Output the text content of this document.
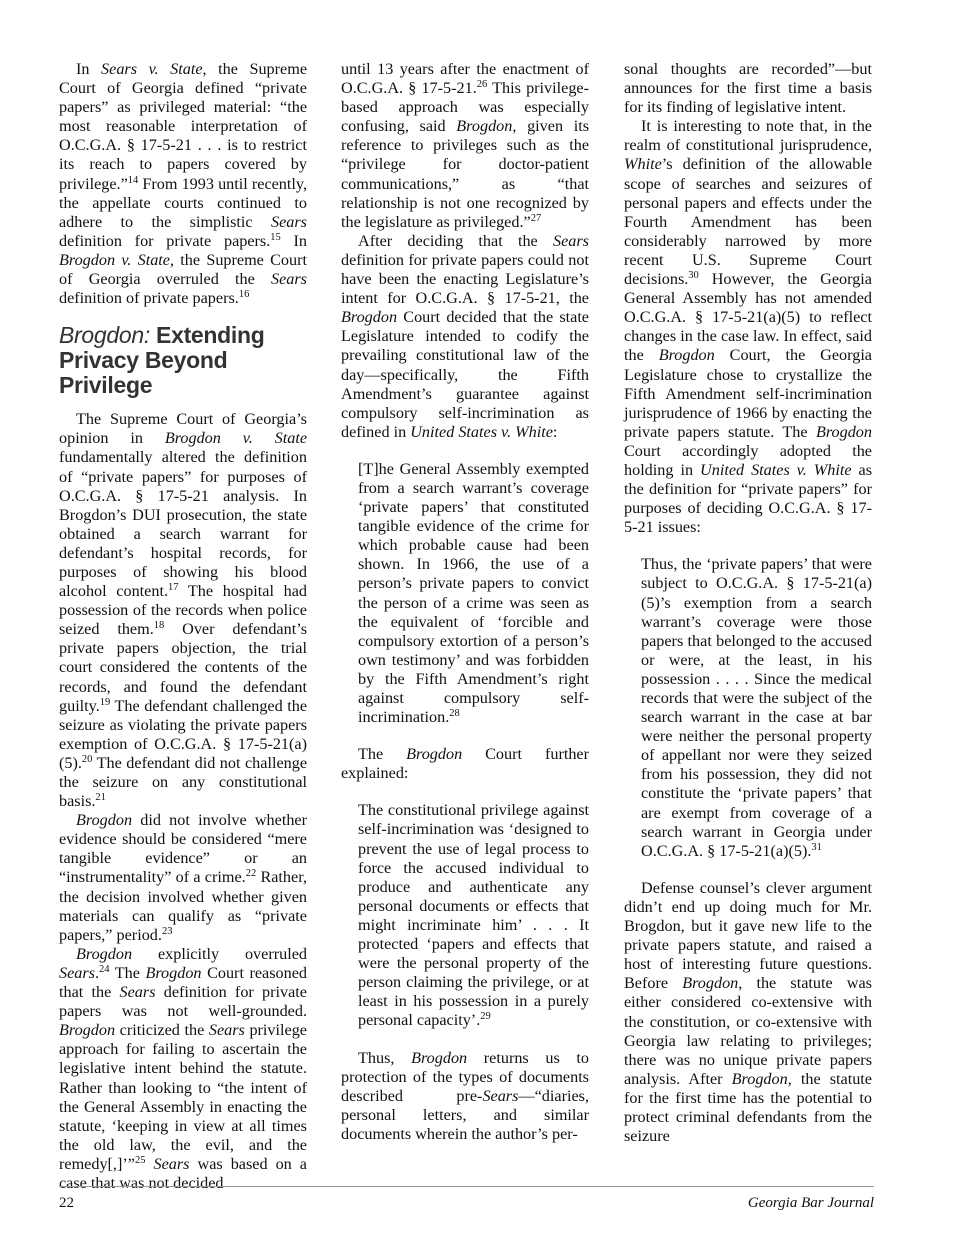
In Sears v. State, the Supreme Court of Georgia defined “private papers” as privileged material: “the most reasonable interpretation of O.C.G.A. § 17-5-21 . . . is to restrict its reach to papers covered by privilege.”$^{14}$ From 1993 until recently, the appellate courts continued to adhere to the simplistic Sears definition for private papers.$^{15}$ In Brogdon v. State, the Supreme Court of Georgia overruled the Sears definition of private papers.$^{16}$

Brogdon: Extending Privacy Beyond Privilege

The Supreme Court of Georgia’s opinion in Brogdon v. State fundamentally altered the definition of “private papers” for purposes of O.C.G.A. § 17-5-21 analysis. In Brogdon’s DUI prosecution, the state obtained a search warrant for defendant’s hospital records, for purposes of showing his blood alcohol content.$^{17}$ The hospital had possession of the records when police seized them.$^{18}$ Over defendant’s private papers objection, the trial court considered the contents of the records, and found the defendant guilty.$^{19}$ The defendant challenged the seizure as violating the private papers exemption of O.C.G.A. § 17-5-21(a)(5).$^{20}$ The defendant did not challenge the seizure on any constitutional basis.$^{21}$

Brogdon did not involve whether evidence should be considered “mere tangible evidence” or an “instrumentality” of a crime.$^{22}$ Rather, the decision involved whether given materials can qualify as “private papers,” period.$^{23}$

Brogdon explicitly overruled Sears.$^{24}$ The Brogdon Court reasoned that the Sears definition for private papers was not well-grounded. Brogdon criticized the Sears privilege approach for failing to ascertain the legislative intent behind the statute. Rather than looking to “the intent of the General Assembly in enacting the statute, ‘keeping in view at all times the old law, the evil, and the remedy[,]’”$^{25}$ Sears was based on a case that was not decided

until 13 years after the enactment of O.C.G.A. § 17-5-21.26 This privilege-based approach was especially confusing, said Brogdon, given its reference to privileges such as the “privilege for doctor-patient communications,” as “that relationship is not one recognized by the legislature as privileged.”$^{27}$

After deciding that the Sears definition for private papers could not have been the enacting Legislature’s intent for O.C.G.A. § 17-5-21, the Brogdon Court decided that the state Legislature intended to codify the prevailing constitutional law of the day—specifically, the Fifth Amendment’s guarantee against compulsory self-incrimination as defined in United States v. White:

[T]he General Assembly exempted from a search warrant’s coverage ‘private papers’ that constituted tangible evidence of the crime for which probable cause had been shown. In 1966, the use of a person’s private papers to convict the person of a crime was seen as the equivalent of ‘forcible and compulsory extortion of a person’s own testimony’ and was forbidden by the Fifth Amendment’s right against compulsory self-incrimination.$^{28}$

The Brogdon Court further explained:

The constitutional privilege against self-incrimination was ‘designed to prevent the use of legal process to force the accused individual to produce and authenticate any personal documents or effects that might incriminate him’ . . . It protected ‘papers and effects that were the personal property of the person claiming the privilege, or at least in his possession in a purely personal capacity’.$^{29}$

Thus, Brogdon returns us to protection of the types of documents described pre-Sears—“diaries, personal letters, and similar documents wherein the author’s per-

sonal thoughts are recorded”—but announces for the first time a basis for its finding of legislative intent.

It is interesting to note that, in the realm of constitutional jurisprudence, White’s definition of the allowable scope of searches and seizures of personal papers and effects under the Fourth Amendment has been considerably narrowed by more recent U.S. Supreme Court decisions.$^{30}$ However, the Georgia General Assembly has not amended O.C.G.A. § 17-5-21(a)(5) to reflect changes in the case law. In effect, said the Brogdon Court, the Georgia Legislature chose to crystallize the Fifth Amendment self-incrimination jurisprudence of 1966 by enacting the private papers statute. The Brogdon Court accordingly adopted the holding in United States v. White as the definition for “private papers” for purposes of deciding O.C.G.A. § 17-5-21 issues:

Thus, the ‘private papers’ that were subject to O.C.G.A. § 17-5-21(a)(5)’s exemption from a search warrant’s coverage were those papers that belonged to the accused or were, at the least, in his possession . . . . Since the medical records that were the subject of the search warrant in the case at bar were neither the personal property of appellant nor were they seized from his possession, they did not constitute the ‘private papers’ that are exempt from coverage of a search warrant in Georgia under O.C.G.A. § 17-5-21(a)(5).$^{31}$

Defense counsel’s clever argument didn’t end up doing much for Mr. Brogdon, but it gave new life to the private papers statute, and raised a host of interesting future questions. Before Brogdon, the statute was either considered co-extensive with the constitution, or co-extensive with Georgia law relating to privileges; there was no unique private papers analysis. After Brogdon, the statute for the first time has the potential to protect criminal defendants from the seizure

22	Georgia Bar Journal
